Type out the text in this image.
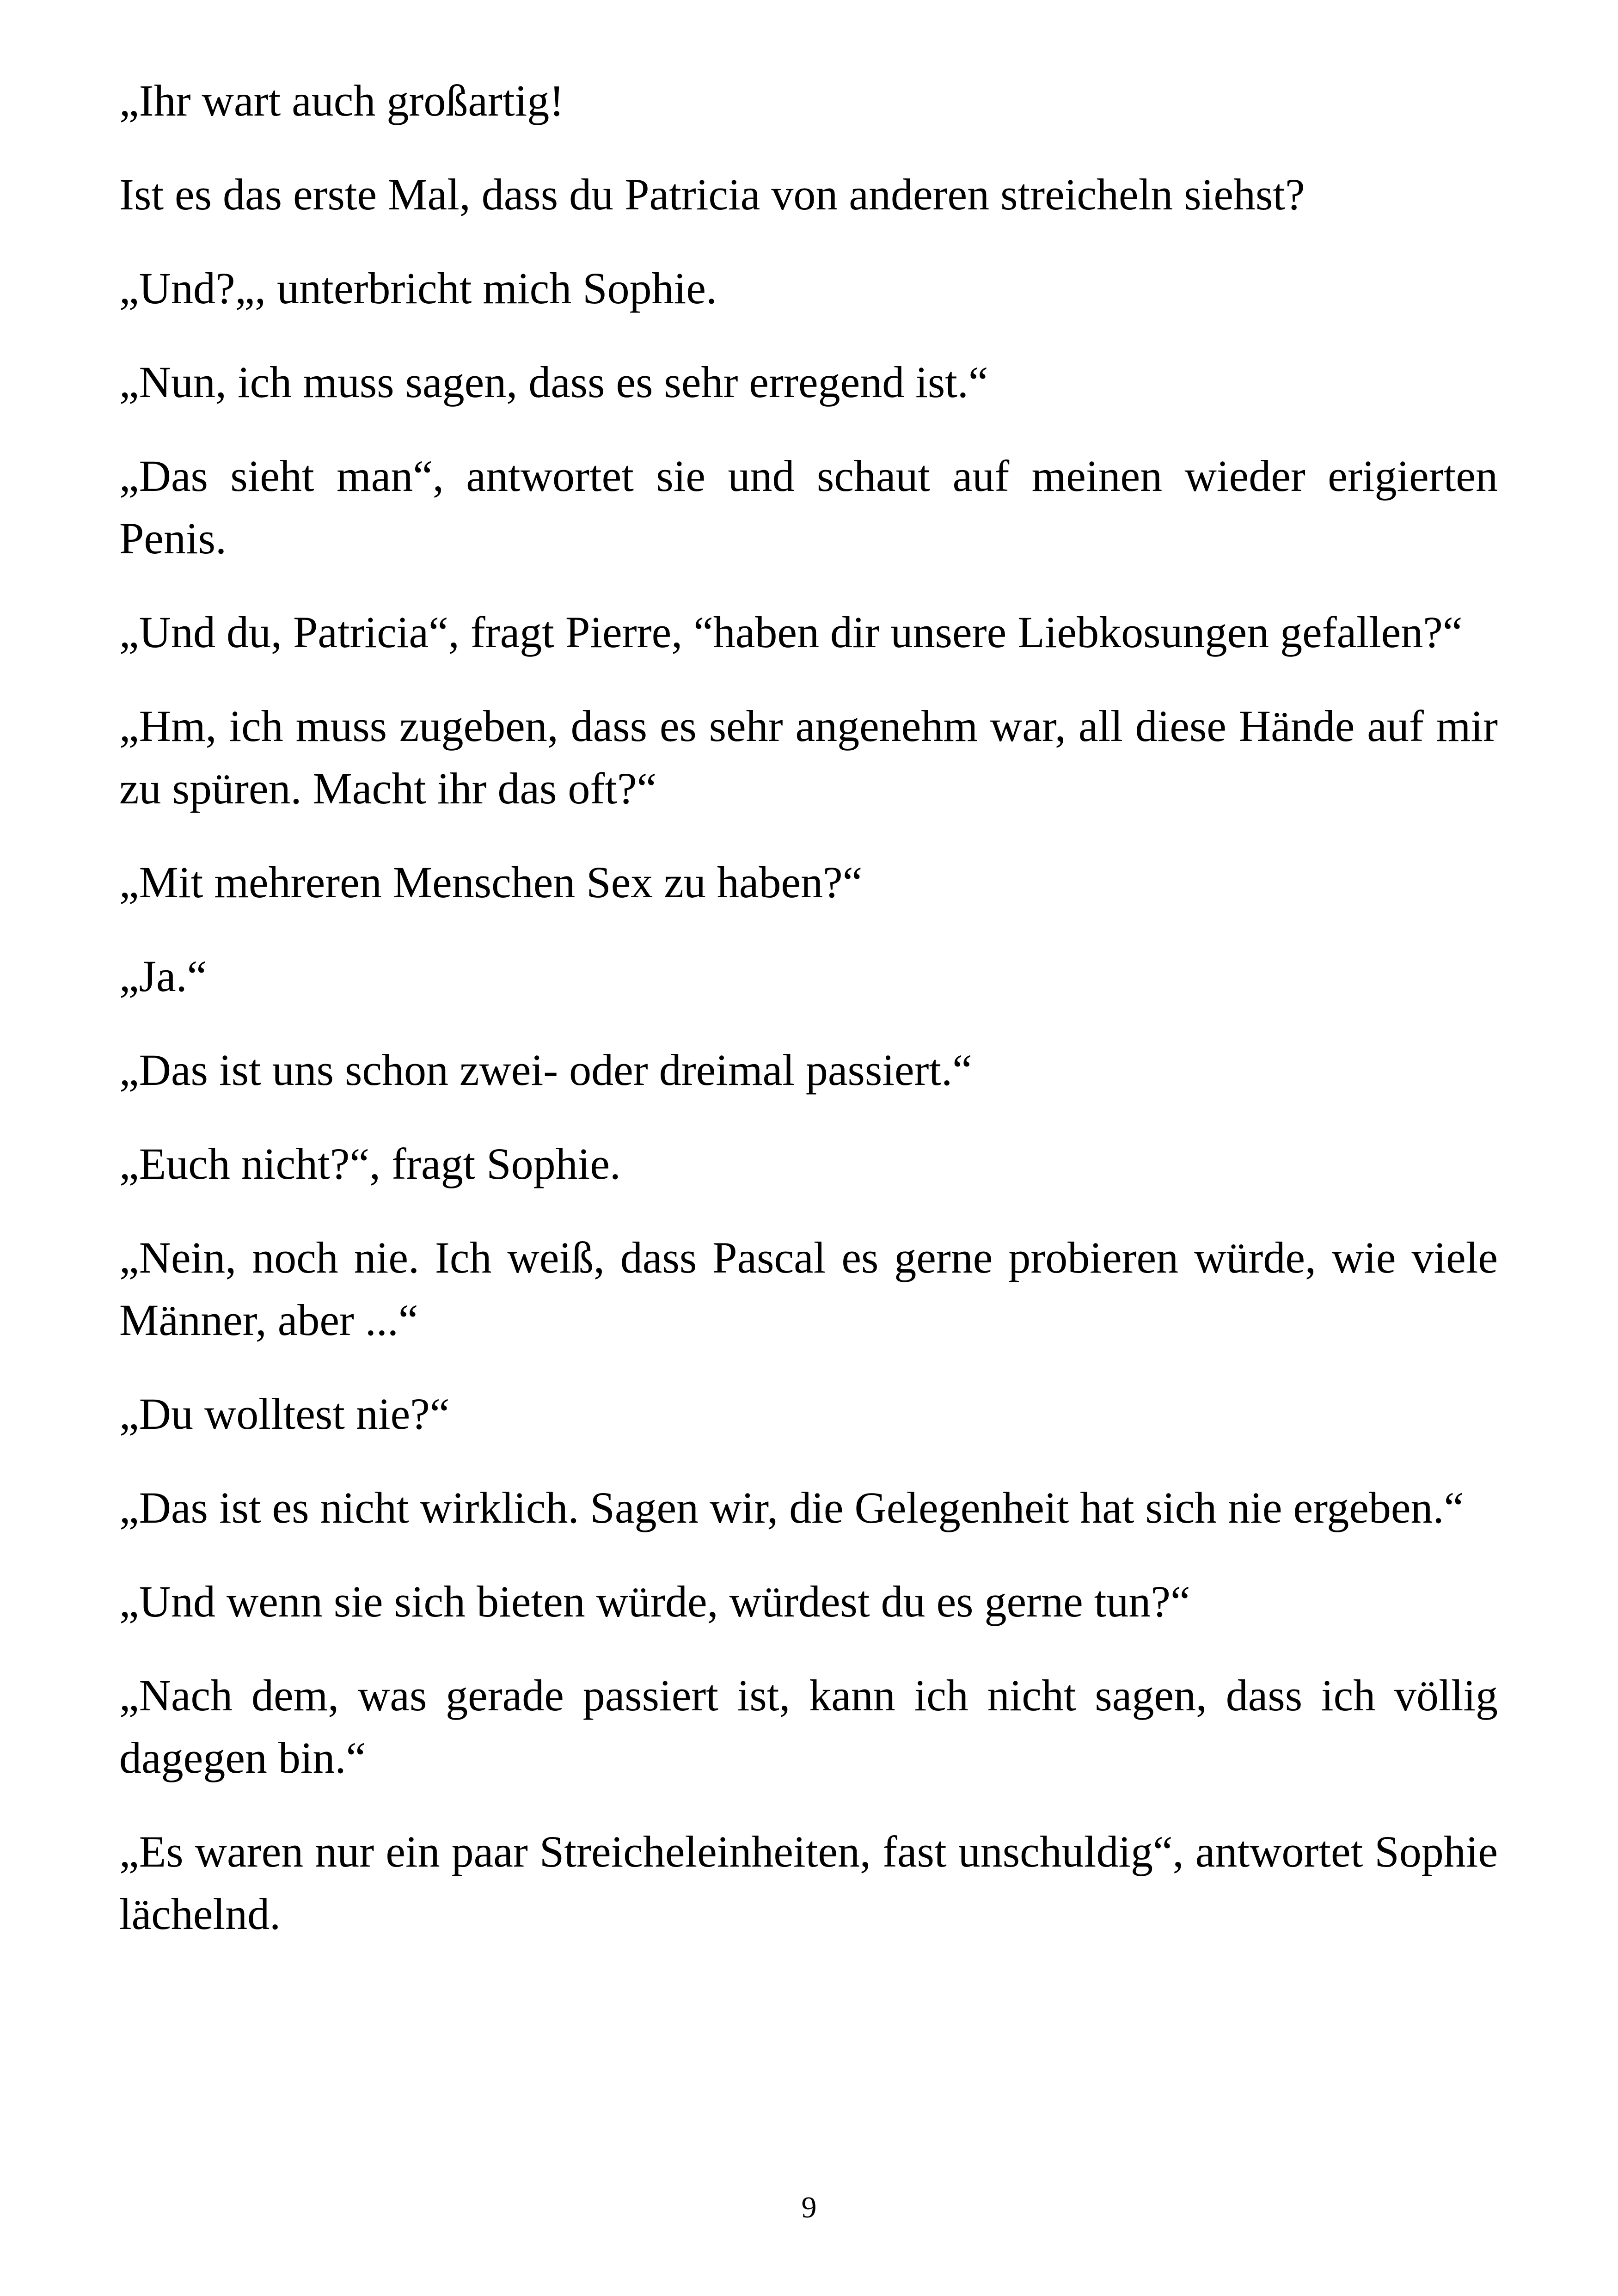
„Ihr wart auch großartig!

Ist es das erste Mal, dass du Patricia von anderen streicheln siehst?

„Und?„, unterbricht mich Sophie.

„Nun, ich muss sagen, dass es sehr erregend ist.“

„Das sieht man“, antwortet sie und schaut auf meinen wieder erigierten Penis.

„Und du, Patricia“, fragt Pierre, “haben dir unsere Liebkosungen gefallen?“

„Hm, ich muss zugeben, dass es sehr angenehm war, all diese Hände auf mir zu spüren. Macht ihr das oft?“

„Mit mehreren Menschen Sex zu haben?“

„Ja.“

„Das ist uns schon zwei- oder dreimal passiert.“

„Euch nicht?“, fragt Sophie.

„Nein, noch nie. Ich weiß, dass Pascal es gerne probieren würde, wie viele Männer, aber ...“

„Du wolltest nie?“

„Das ist es nicht wirklich. Sagen wir, die Gelegenheit hat sich nie ergeben.“

„Und wenn sie sich bieten würde, würdest du es gerne tun?“

„Nach dem, was gerade passiert ist, kann ich nicht sagen, dass ich völlig dagegen bin.“

„Es waren nur ein paar Streicheleinheiten, fast unschuldig“, antwortet Sophie lächelnd.

9
